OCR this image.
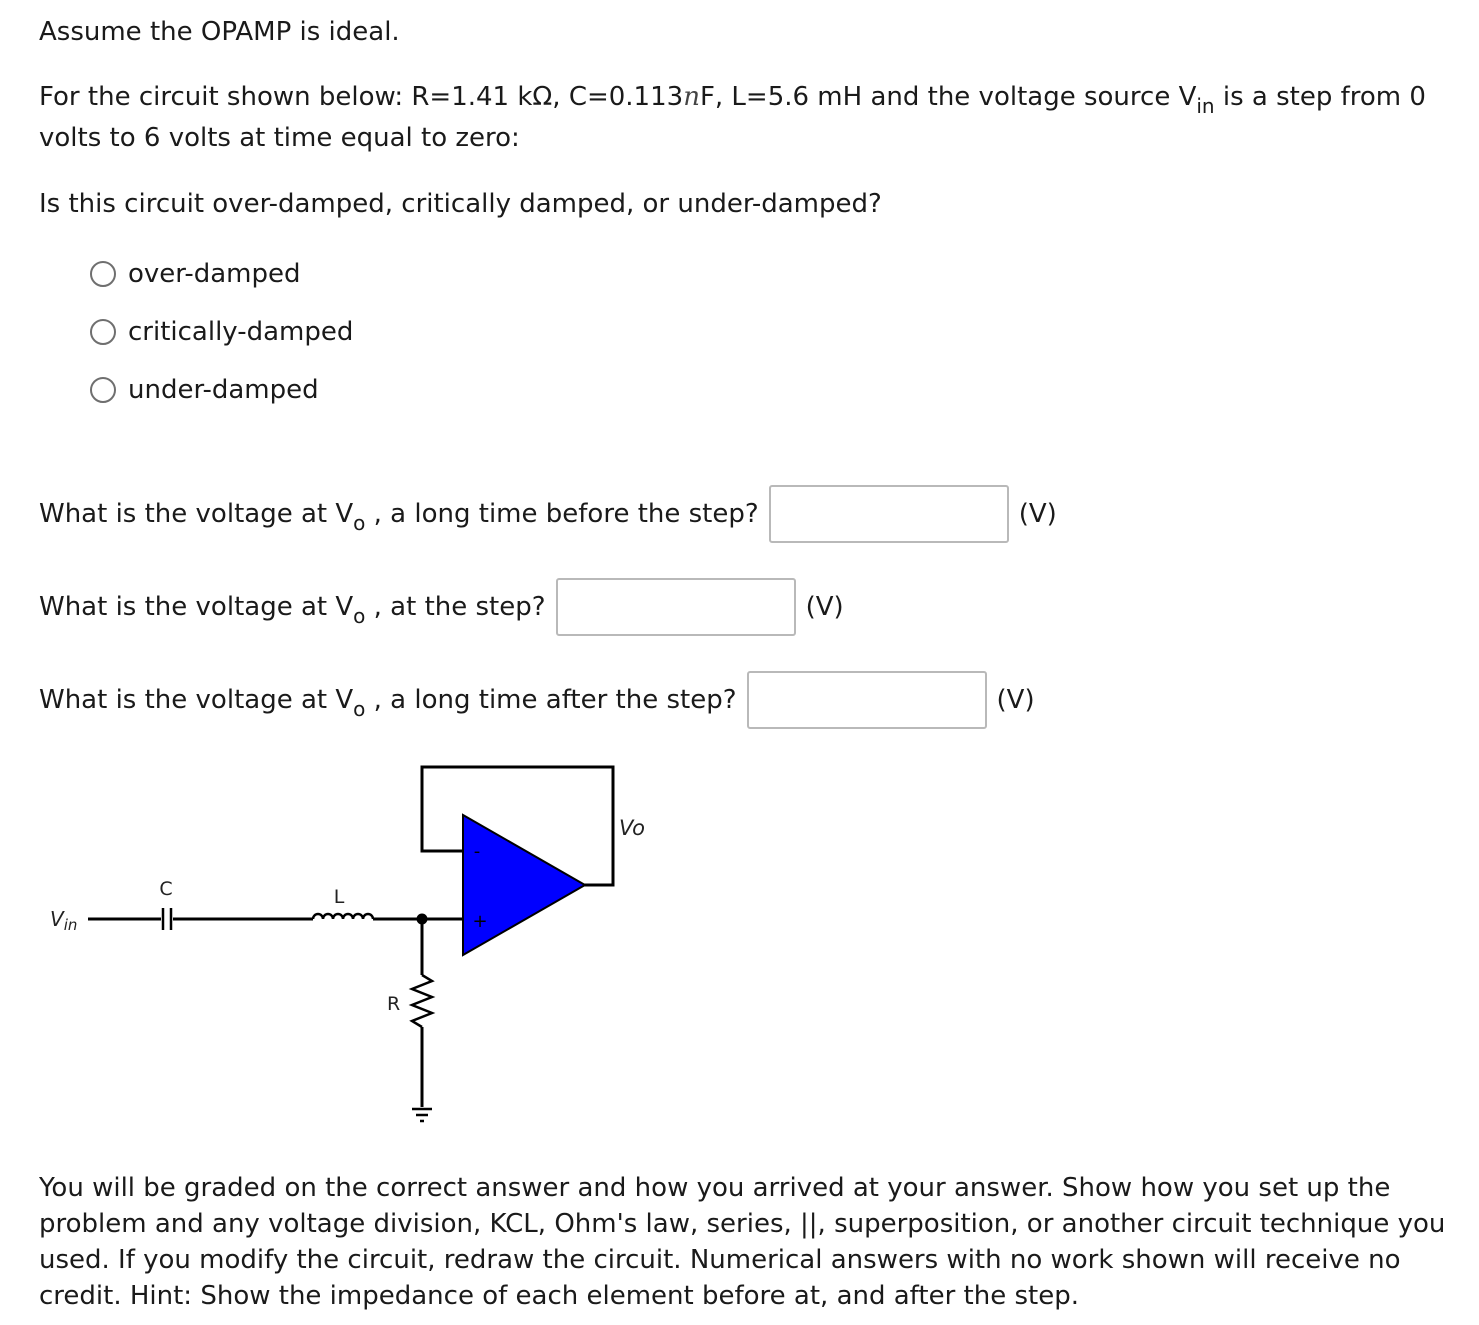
Assume the OPAMP is ideal.
For the circuit shown below: R=1.41 kΩ, C=0.113nF, L=5.6 mH and the voltage source $V_{in}$ is a step from 0
volts to 6 volts at time equal to zero:
Is this circuit over-damped, critically damped, or under-damped?
over-damped
critically-damped
under-damped
What is the voltage at $V_o$ , a long time before the step?	(V)
What is the voltage at $V_o$ , at the step?	(V)
What is the voltage at $V_o$ , a long time after the step?	(V)
-
+
$V_{in}$
C	L
R
Vo
You will be graded on the correct answer and how you arrived at your answer. Show how you set up the problem and any voltage division, KCL, Ohm's law, series, ||, superposition, or another circuit technique you used. If you modify the circuit, redraw the circuit. Numerical answers with no work shown will receive no credit. Hint: Show the impedance of each element before at, and after the step.
